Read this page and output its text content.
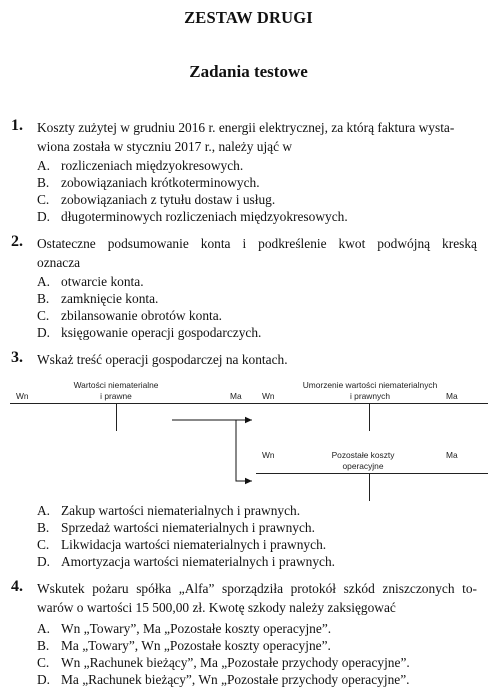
ZESTAW DRUGI
Zadania testowe
1. Koszty zużytej w grudniu 2016 r. energii elektrycznej, za którą faktura wysta-
wiona została w styczniu 2017 r., należy ująć w
A. rozliczeniach międzyokresowych.
B. zobowiązaniach krótkoterminowych.
C. zobowiązaniach z tytułu dostaw i usług.
D. długoterminowych rozliczeniach międzyokresowych.
2. Ostateczne podsumowanie konta i podkreślenie kwot podwójną kreską
oznacza
A. otwarcie konta.
B. zamknięcie konta.
C. zbilansowanie obrotów konta.
D. księgowanie operacji gospodarczych.
3. Wskaż treść operacji gospodarczej na kontach.
Wartości niematerialne
i prawne
Wn	Ma
Umorzenie wartości niematerialnych
i prawnych
Wn	Ma
Pozostałe koszty
operacyjne
Wn	Ma
A. Zakup wartości niematerialnych i prawnych.
B. Sprzedaż wartości niematerialnych i prawnych.
C. Likwidacja wartości niematerialnych i prawnych.
D. Amortyzacja wartości niematerialnych i prawnych.
4. Wskutek pożaru spółka „Alfa” sporządziła protokół szkód zniszczonych to-
warów o wartości 15 500,00 zł. Kwotę szkody należy zaksięgować
A. Wn „Towary”, Ma „Pozostałe koszty operacyjne”.
B. Ma „Towary”, Wn „Pozostałe koszty operacyjne”.
C. Wn „Rachunek bieżący”, Ma „Pozostałe przychody operacyjne”.
D. Ma „Rachunek bieżący”, Wn „Pozostałe przychody operacyjne”.
